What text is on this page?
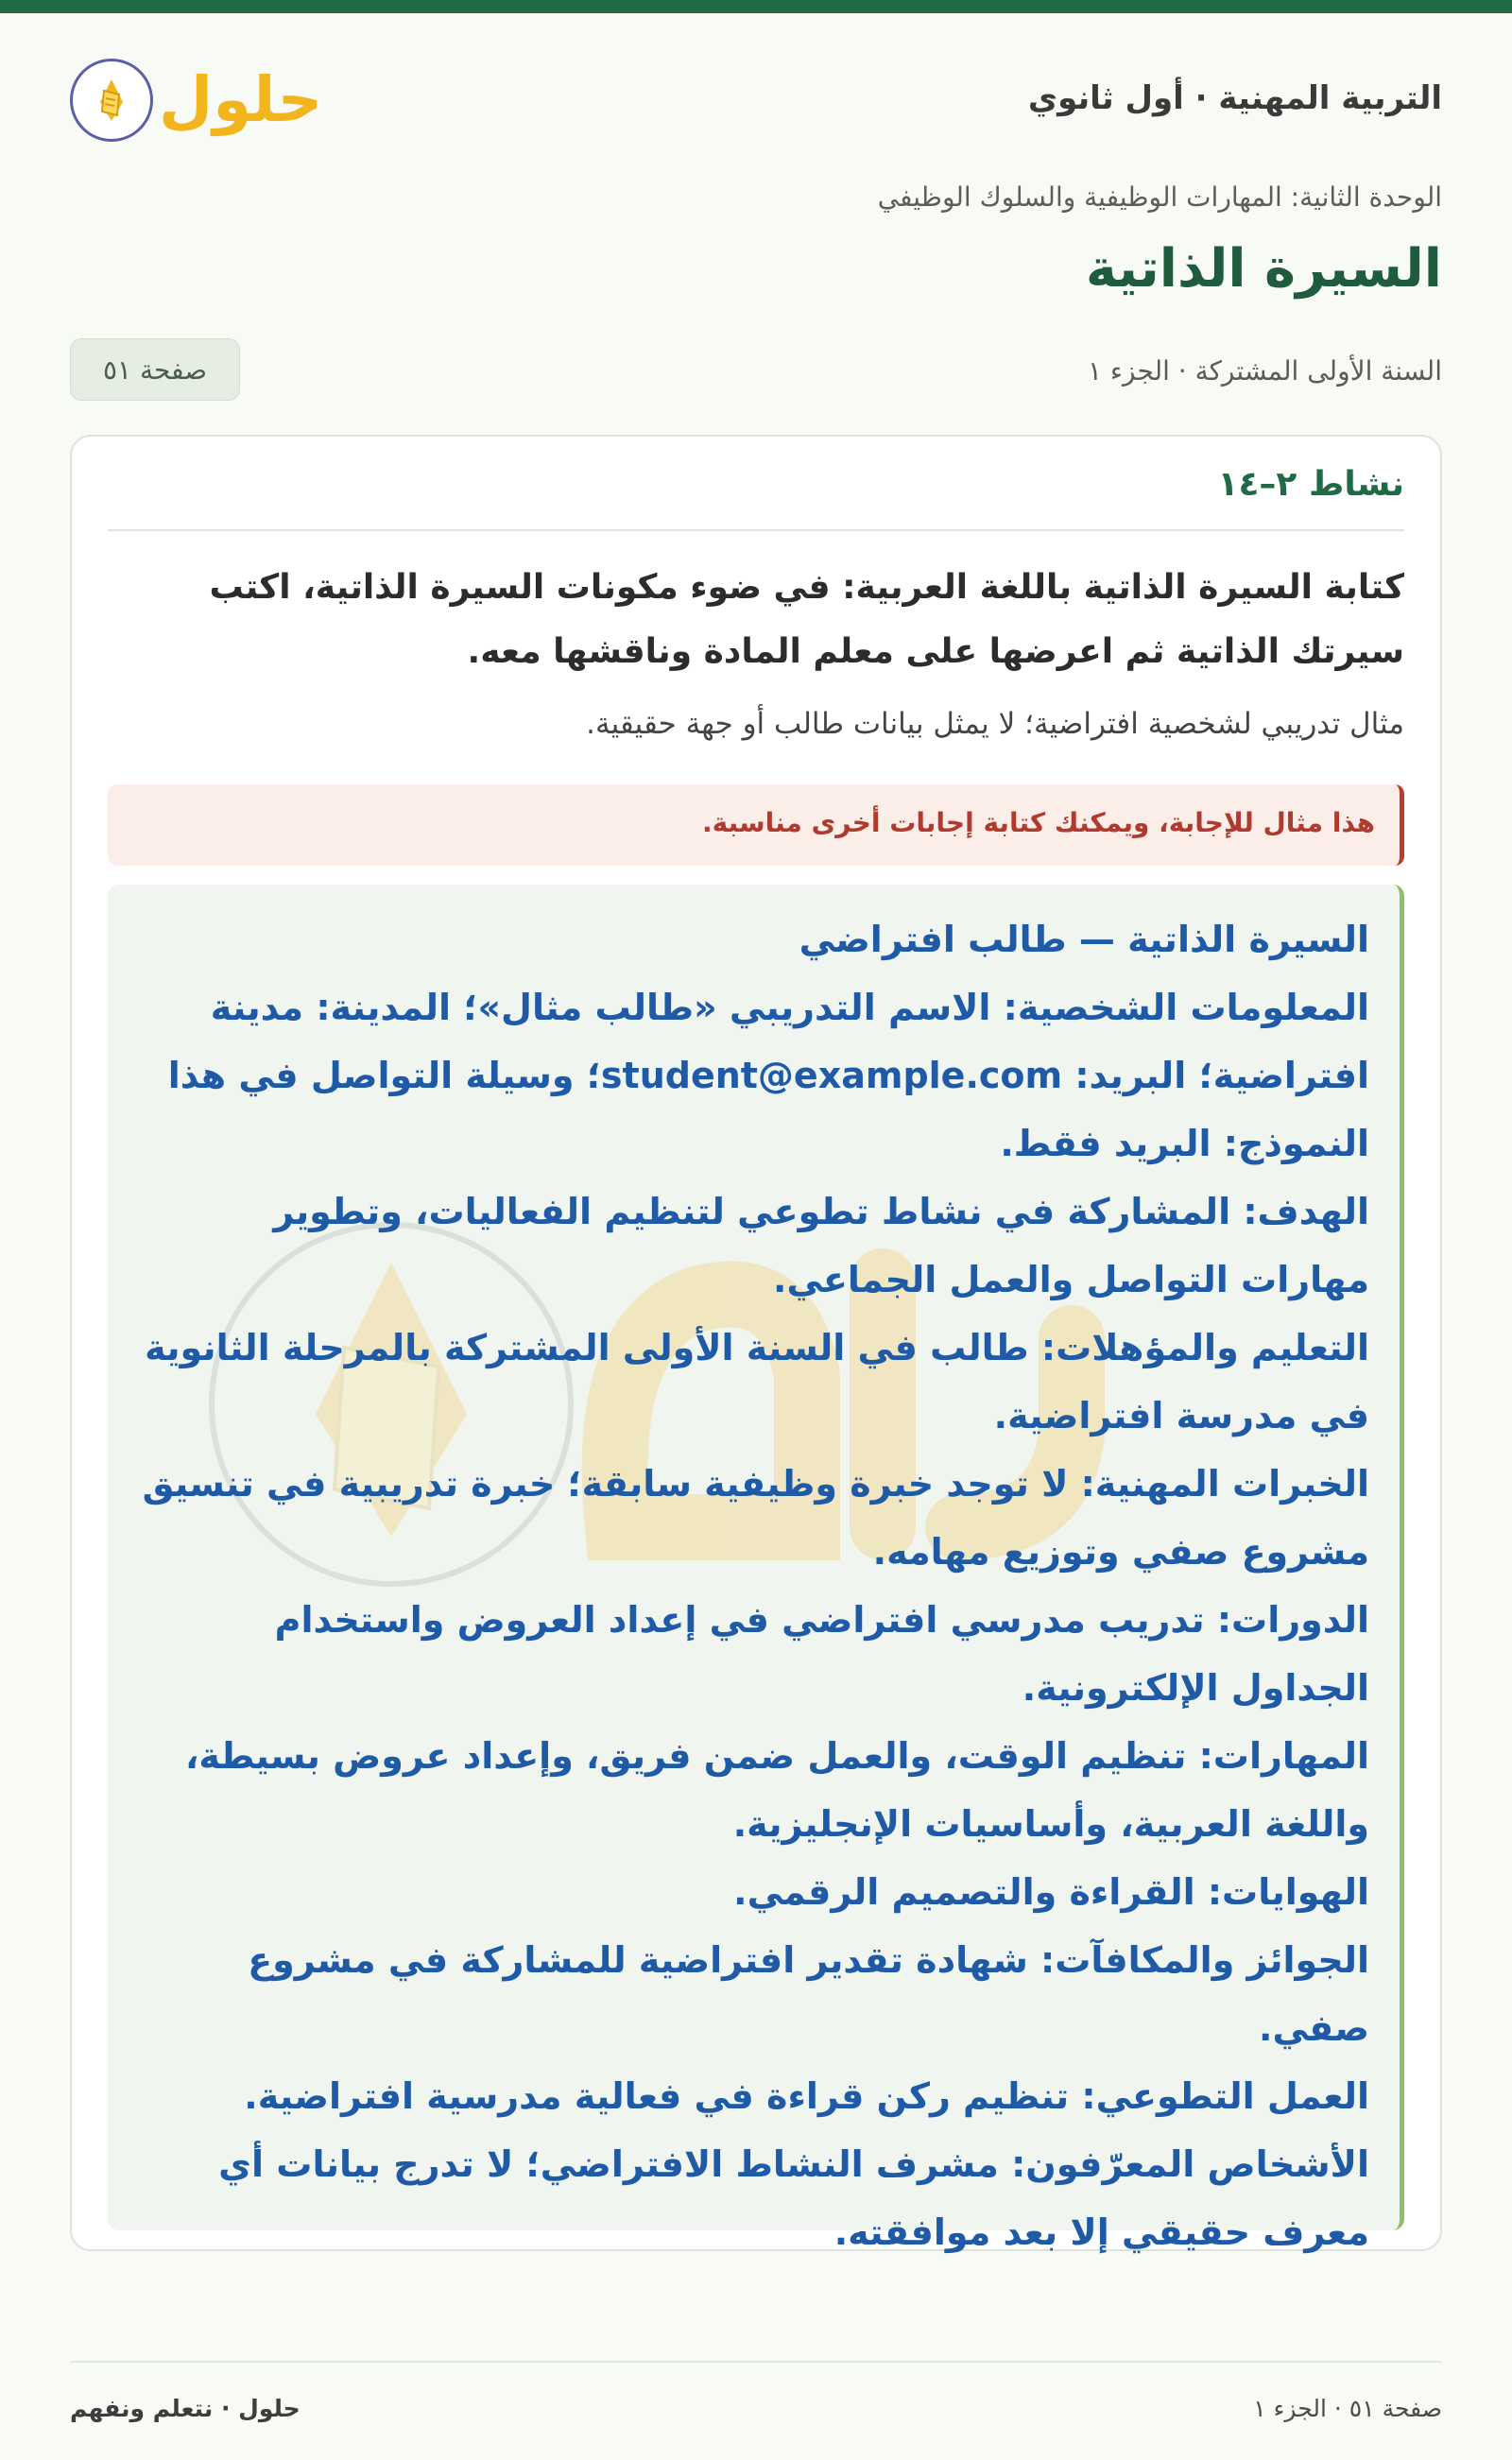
التربية المهنية · أول ثانوي
حلول
الوحدة الثانية: المهارات الوظيفية والسلوك الوظيفي
السيرة الذاتية
السنة الأولى المشتركة · الجزء ١
صفحة ٥١
نشاط ٢–١٤
كتابة السيرة الذاتية باللغة العربية: في ضوء مكونات السيرة الذاتية، اكتب سيرتك الذاتية ثم اعرضها على معلم المادة وناقشها معه.
مثال تدريبي لشخصية افتراضية؛ لا يمثل بيانات طالب أو جهة حقيقية.
هذا مثال للإجابة، ويمكنك كتابة إجابات أخرى مناسبة.
السيرة الذاتية — طالب افتراضي
المعلومات الشخصية: الاسم التدريبي «طالب مثال»؛ المدينة: مدينة افتراضية؛ البريد: student@example.com؛ وسيلة التواصل في هذا النموذج: البريد فقط.
الهدف: المشاركة في نشاط تطوعي لتنظيم الفعاليات، وتطوير مهارات التواصل والعمل الجماعي.
التعليم والمؤهلات: طالب في السنة الأولى المشتركة بالمرحلة الثانوية في مدرسة افتراضية.
الخبرات المهنية: لا توجد خبرة وظيفية سابقة؛ خبرة تدريبية في تنسيق مشروع صفي وتوزيع مهامه.
الدورات: تدريب مدرسي افتراضي في إعداد العروض واستخدام الجداول الإلكترونية.
المهارات: تنظيم الوقت، والعمل ضمن فريق، وإعداد عروض بسيطة، واللغة العربية، وأساسيات الإنجليزية.
الهوايات: القراءة والتصميم الرقمي.
الجوائز والمكافآت: شهادة تقدير افتراضية للمشاركة في مشروع صفي.
العمل التطوعي: تنظيم ركن قراءة في فعالية مدرسية افتراضية.
الأشخاص المعرّفون: مشرف النشاط الافتراضي؛ لا تدرج بيانات أي معرف حقيقي إلا بعد موافقته.
صفحة ٥١ · الجزء ١
حلول · نتعلم ونفهم
